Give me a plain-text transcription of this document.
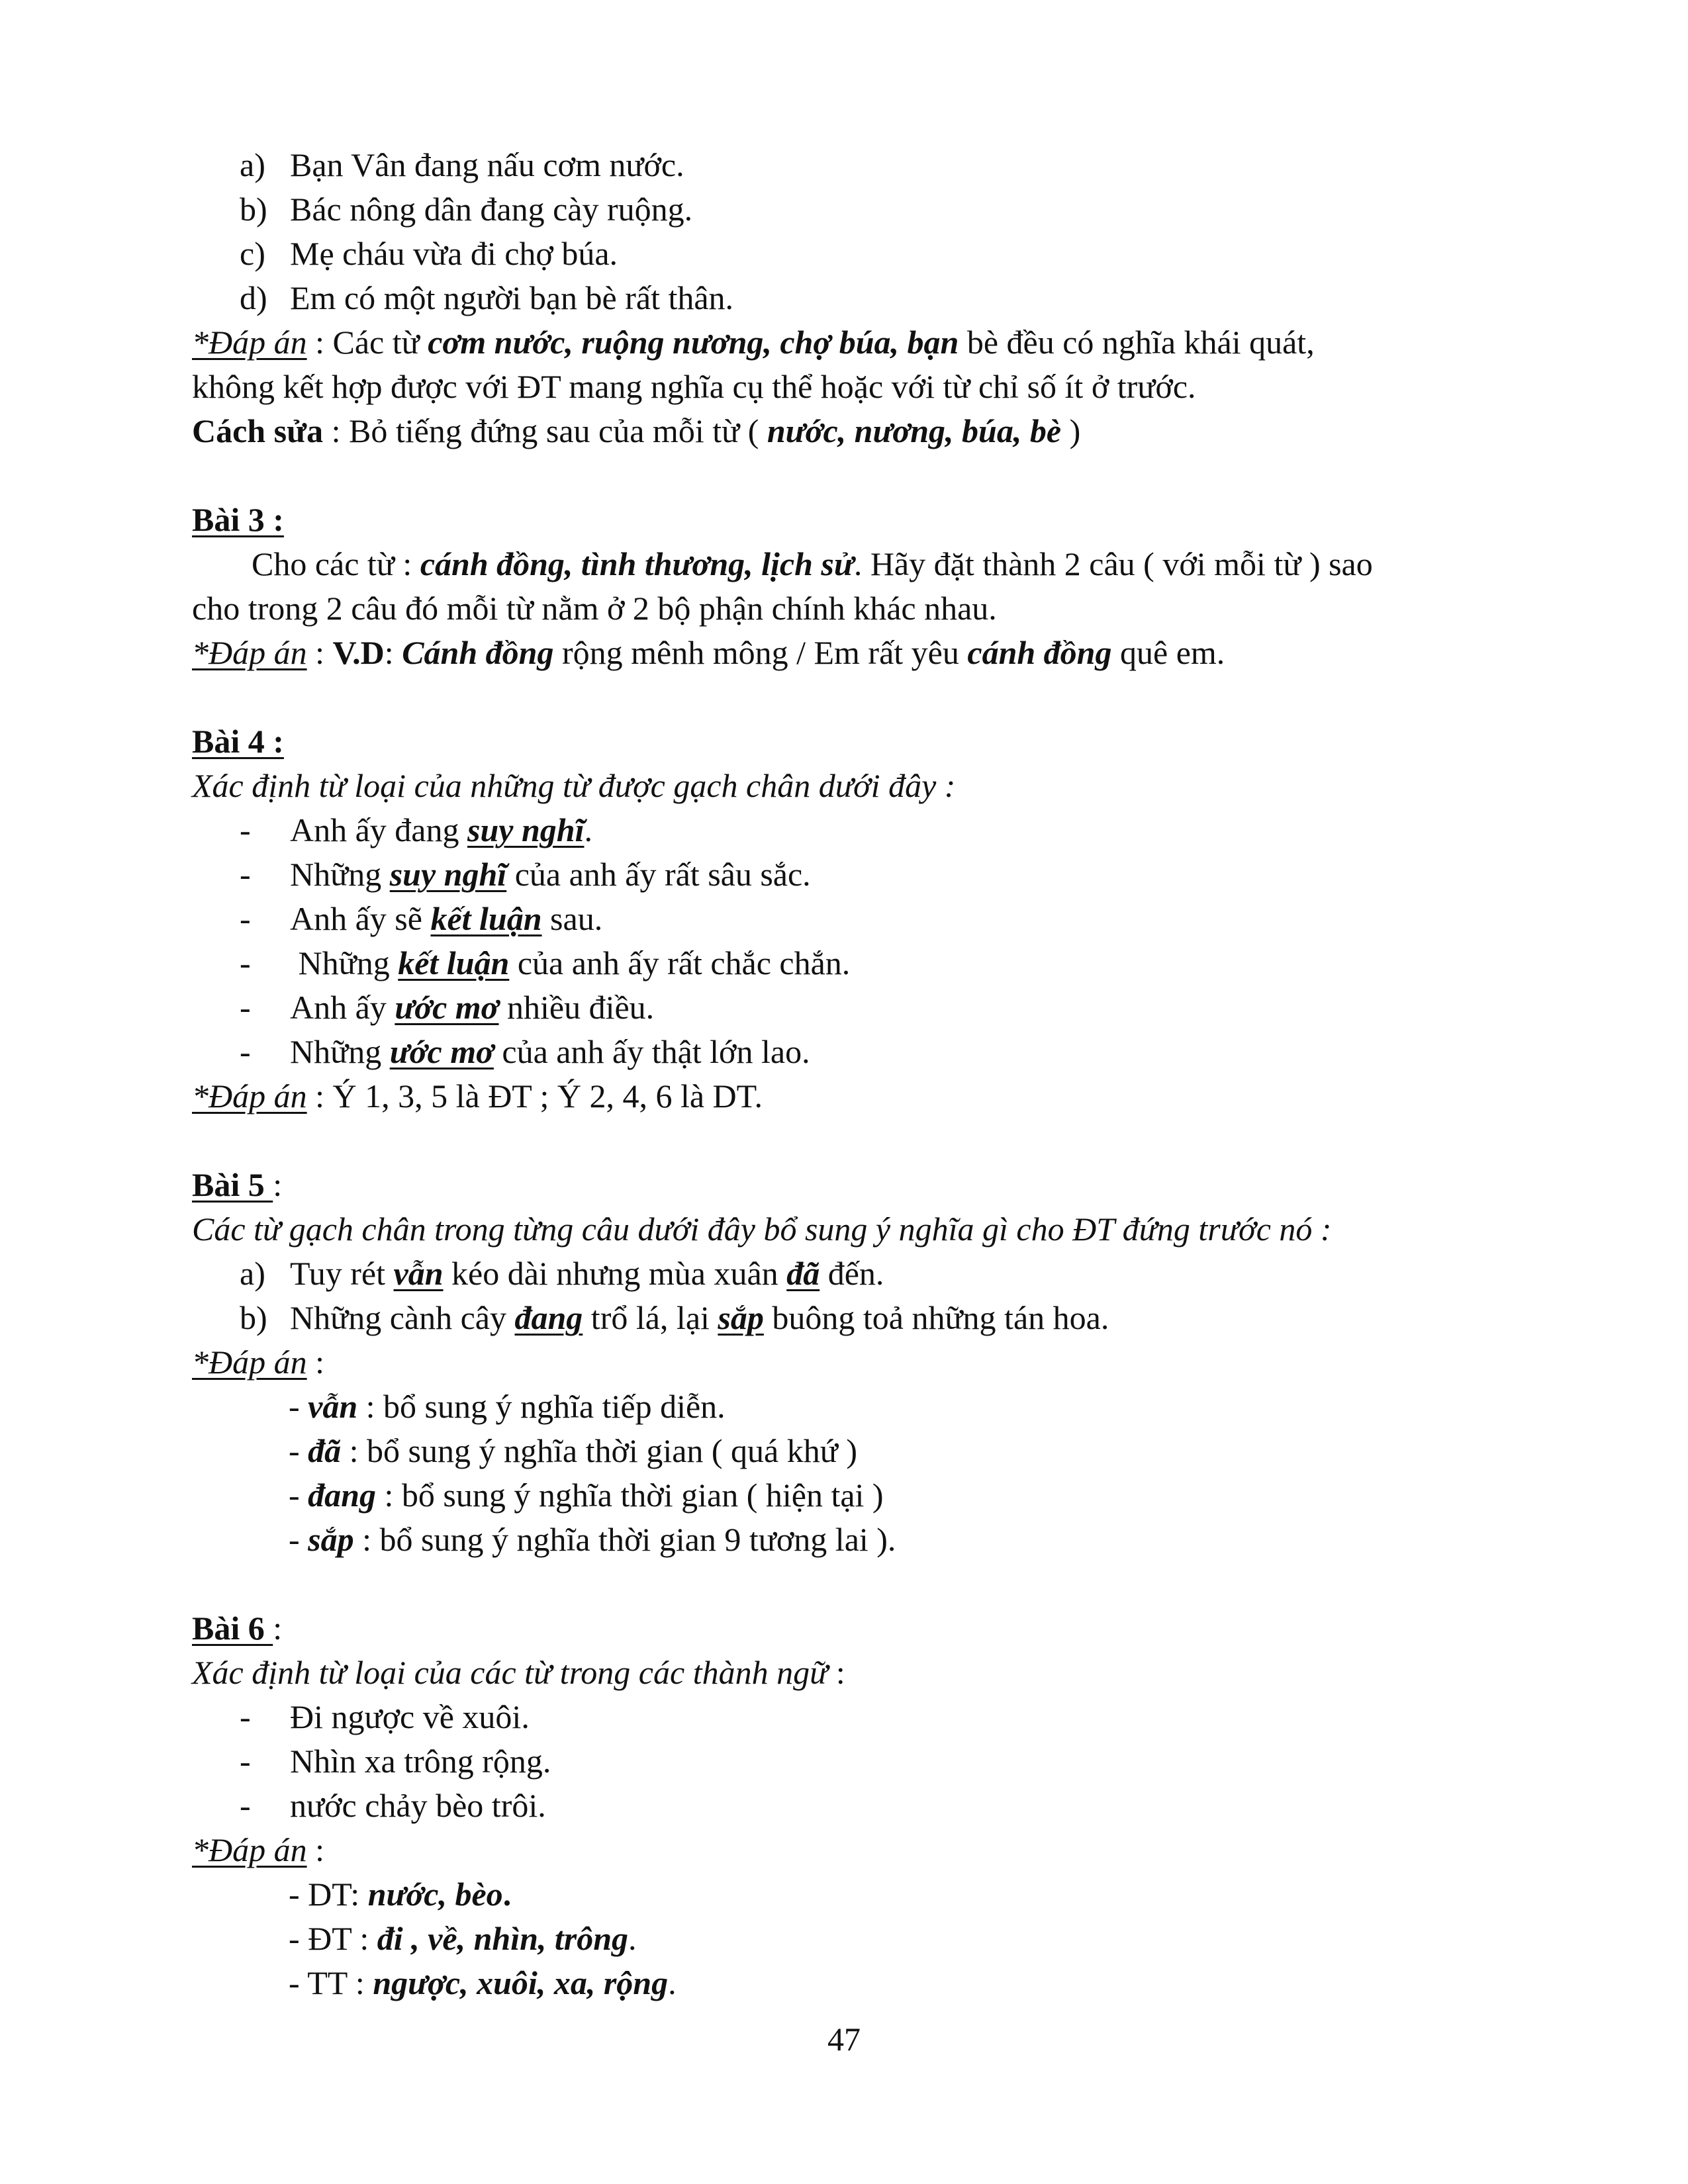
a) Bạn Vân đang nấu cơm nước.
b) Bác nông dân đang cày ruộng.
c) Mẹ cháu vừa đi chợ búa.
d) Em có một người bạn bè rất thân.
*Đáp án : Các từ cơm nước, ruộng nương, chợ búa, bạn bè đều có nghĩa khái quát,
không kết hợp được với ĐT mang nghĩa cụ thể hoặc với từ chỉ số ít ở trước.
Cách sửa : Bỏ tiếng đứng sau của mỗi từ ( nước, nương, búa, bè )
Bài 3 :
Cho các từ : cánh đồng, tình thương, lịch sử. Hãy đặt thành 2 câu ( với mỗi từ ) sao
cho trong 2 câu đó mỗi từ nằm ở 2 bộ phận chính khác nhau.
*Đáp án : V.D: Cánh đồng rộng mênh mông / Em rất yêu cánh đồng quê em.
Bài 4 :
Xác định từ loại của những từ được gạch chân dưới đây :
- Anh ấy đang suy nghĩ.
- Những suy nghĩ của anh ấy rất sâu sắc.
- Anh ấy sẽ kết luận sau.
- Những kết luận của anh ấy rất chắc chắn.
- Anh ấy ước mơ nhiều điều.
- Những ước mơ của anh ấy thật lớn lao.
*Đáp án : Ý 1, 3, 5 là ĐT ; Ý 2, 4, 6 là DT.
Bài 5 :
Các từ gạch chân trong từng câu dưới đây bổ sung ý nghĩa gì cho ĐT đứng trước nó :
a) Tuy rét vẫn kéo dài nhưng mùa xuân đã đến.
b) Những cành cây đang trổ lá, lại sắp buông toả những tán hoa.
*Đáp án :
- vẫn : bổ sung ý nghĩa tiếp diễn.
- đã : bổ sung ý nghĩa thời gian ( quá khứ )
- đang : bổ sung ý nghĩa thời gian ( hiện tại )
- sắp : bổ sung ý nghĩa thời gian 9 tương lai ).
Bài 6 :
Xác định từ loại của các từ trong các thành ngữ :
- Đi ngược về xuôi.
- Nhìn xa trông rộng.
- nước chảy bèo trôi.
*Đáp án :
- DT: nước, bèo.
- ĐT : đi , về, nhìn, trông.
- TT : ngược, xuôi, xa, rộng.
47
